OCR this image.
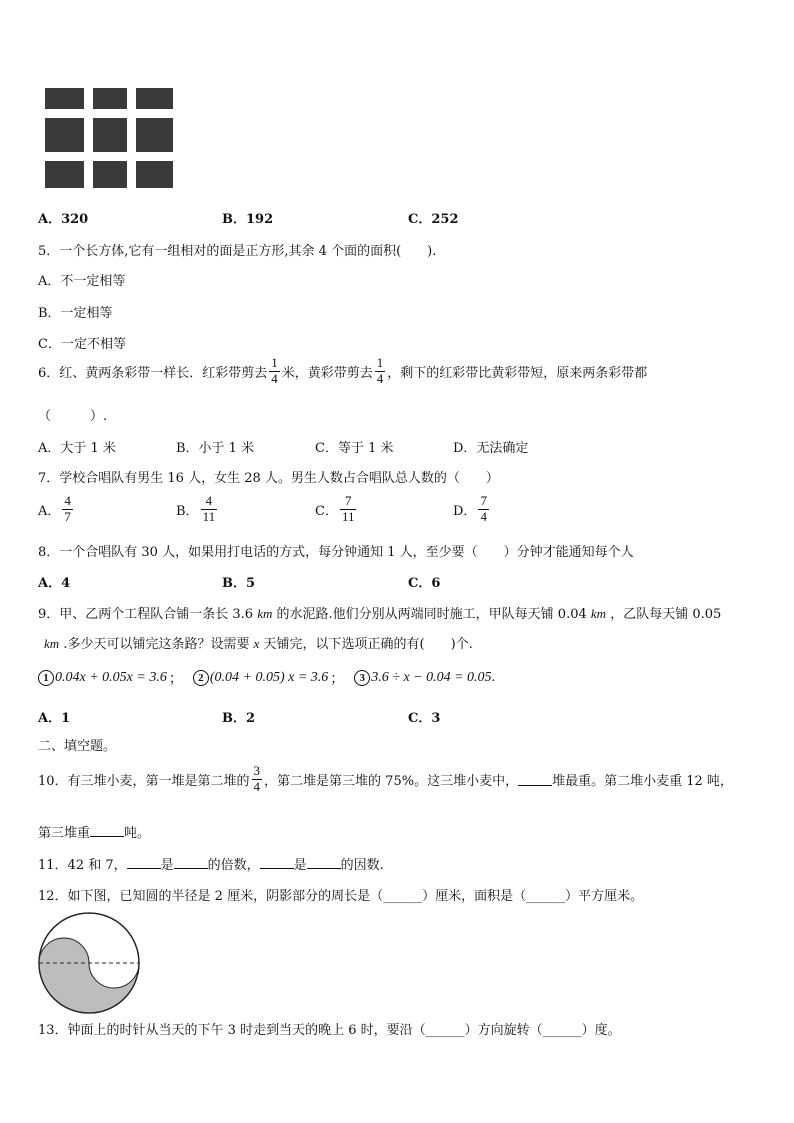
A．320	B．192	C．252
5．一个长方体,它有一组相对的面是正方形,其余 4 个面的面积(　　).
A．不一定相等
B．一定相等
C．一定不相等
6．红、黄两条彩带一样长．红彩带剪去 $\frac{1}{4}$ 米，黄彩带剪去 $\frac{1}{4}$ ，剩下的红彩带比黄彩带短，原来两条彩带都
（　　　）.
A．大于 1 米	B．小于 1 米	C．等于 1 米	D．无法确定
7．学校合唱队有男生 16 人，女生 28 人。男生人数占合唱队总人数的（　　）
A． $\frac{4}{7}$	B． $\frac{4}{11}$	C． $\frac{7}{11}$	D． $\frac{7}{4}$
8．一个合唱队有 30 人，如果用打电话的方式，每分钟通知 1 人，至少要（　　）分钟才能通知每个人
A．4	B．5	C．6
9．甲、乙两个工程队合铺一条长 3.6 km 的水泥路.他们分别从两端同时施工，甲队每天铺 0.04 km ，乙队每天铺 0.05
km .多少天可以铺完这条路？设需要 x 天铺完，以下选项正确的有(　　)个.
1 0.04x + 0.05x = 3.6 ；	2 (0.04 + 0.05) x = 3.6 ；	3 3.6 ÷ x − 0.04 = 0.05 .
A．1	B．2	C．3
二、填空题。
10．有三堆小麦，第一堆是第二堆的 $\frac{3}{4}$ ，第二堆是第三堆的 75%。这三堆小麦中，	堆最重。第二堆小麦重 12 吨，
第三堆重	吨。
11．42 和 7，	是	的倍数，	是	的因数.
12．如下图，已知圆的半径是 2 厘米，阴影部分的周长是（______）厘米，面积是（______）平方厘米。
13．钟面上的时针从当天的下午 3 时走到当天的晚上 6 时，要沿（______）方向旋转（______）度。
